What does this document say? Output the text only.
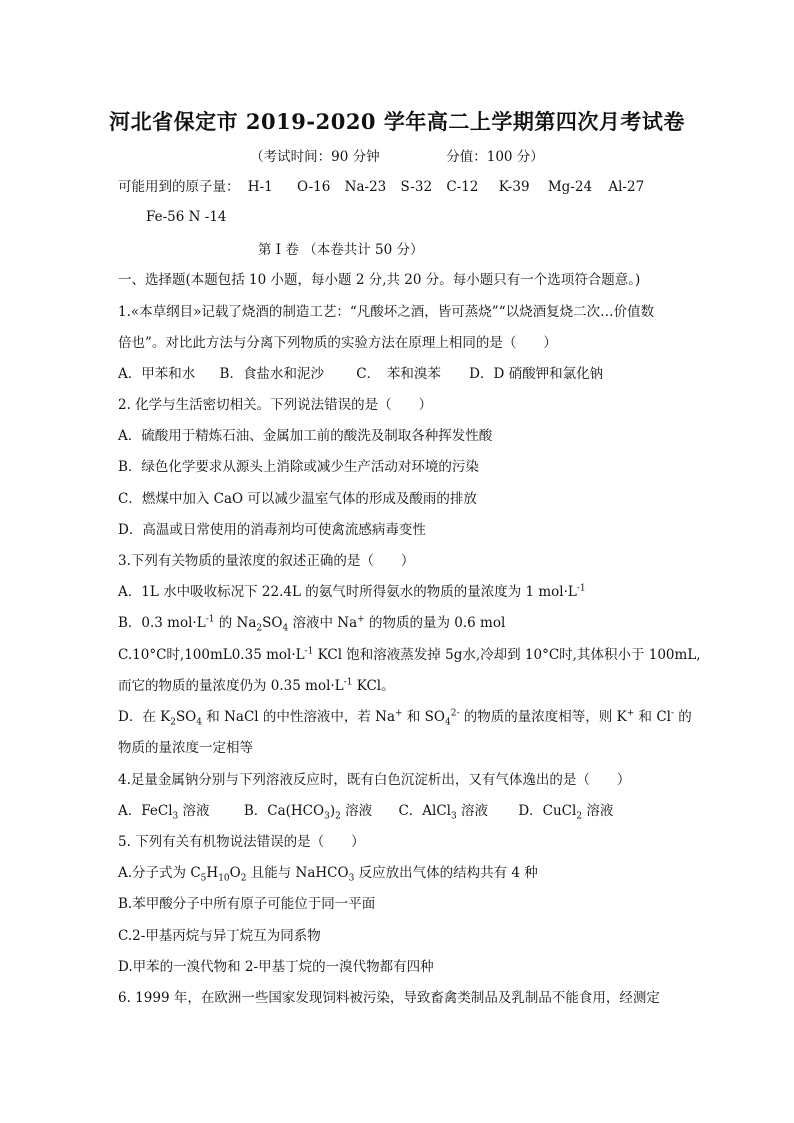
河北省保定市 2019-2020 学年高二上学期第四次月考试卷
（考试时间：90 分钟	分值：100 分）
可能用到的原子量： H-1 O-16 Na-23 S-32 C-12 K-39 Mg-24 Al-27
Fe-56 N -14
第 I 卷 （本卷共计 50 分）
一、选择题(本题包括 10 小题，每小题 2 分,共 20 分。每小题只有一个选项符合题意。)
1.«本草纲目»记载了烧酒的制造工艺：“凡酸坏之酒，皆可蒸烧”“以烧酒复烧二次…价值数
倍也”。对比此方法与分离下列物质的实验方法在原理上相同的是（　　）
A．甲苯和水 B．食盐水和泥沙 C．　苯和溴苯 D．D 硝酸钾和氯化钠
2. 化学与生活密切相关。下列说法错误的是（　　）
A．硫酸用于精炼石油、金属加工前的酸洗及制取各种挥发性酸
B．绿色化学要求从源头上消除或减少生产活动对环境的污染
C．燃煤中加入 CaO 可以减少温室气体的形成及酸雨的排放
D．高温或日常使用的消毒剂均可使禽流感病毒变性
3.下列有关物质的量浓度的叙述正确的是（　　）
A．1L 水中吸收标况下 22.4L 的氨气时所得氨水的物质的量浓度为 1 $mol\cdot L^{-1}$
B．0.3 $mol\cdot L^{-1}$ 的 $Na_2SO_4$ 溶液中 Na+ 的物质的量为 0.6 mol
C.10°C时,100mL0.35 $mol\cdot L^{-1}$ KCl 饱和溶液蒸发掉 5g水,冷却到 10°C时,其体积小于 100mL,
而它的物质的量浓度仍为 0.35 $mol\cdot L^{-1}$ KCl。
D．在 $K_2SO_4$ 和 NaCl 的中性溶液中，若 Na+ 和 $SO_4^{2-}$ 的物质的量浓度相等，则 K+ 和 Cl- 的
物质的量浓度一定相等
4.足量金属钠分别与下列溶液反应时，既有白色沉淀析出，又有气体逸出的是（　　）
A．FeCl$_3$ 溶液	B．$Ca(HCO_3)_2$ 溶液 C．AlCl$_3$ 溶液 D．CuCl$_2$ 溶液
5. 下列有关有机物说法错误的是（　　）
A.分子式为 $C_5H_{10}O_2$ 且能与 NaHCO$_3$ 反应放出气体的结构共有 4 种
B.苯甲酸分子中所有原子可能位于同一平面
C.2-甲基丙烷与异丁烷互为同系物
D.甲苯的一溴代物和 2-甲基丁烷的一溴代物都有四种
6. 1999 年，在欧洲一些国家发现饲料被污染，导致畜禽类制品及乳制品不能食用，经测定
